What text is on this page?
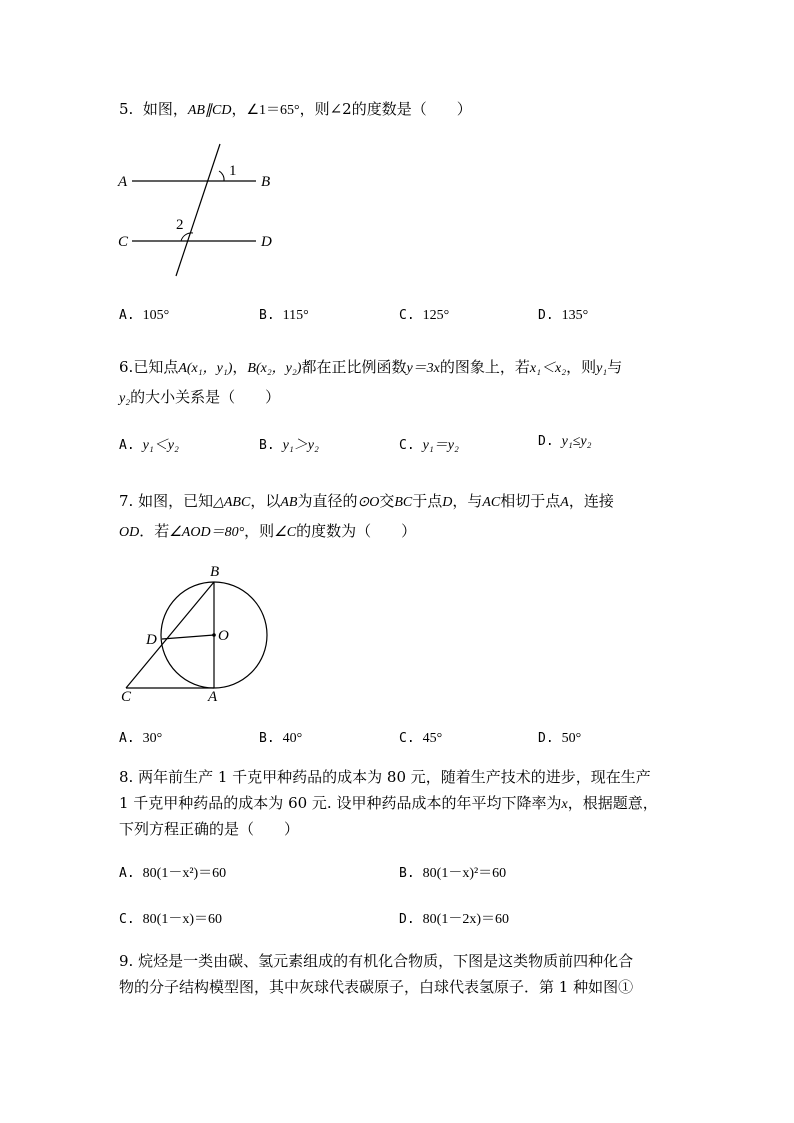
5. 如图，AB∥CD，∠1＝65°，则∠2的度数是（　　）
A	B
C	D
1
2
A. 105°	B. 115°	C. 125°	D. 135°
6.已知点A(x₁，y₁)，B(x₂，y₂)都在正比例函数y＝3x的图象上，若x₁＜x₂，则y₁与
y₂的大小关系是（　　）
A. y₁＜y₂	B. y₁＞y₂	C. y₁＝y₂	D. y₁≤y₂
7. 如图，已知△ABC，以AB为直径的⊙O交BC于点D，与AC相切于点A，连接
OD．若∠AOD＝80°，则∠C的度数为（　　）
B
O
D
C	A
A. 30°	B. 40°	C. 45°	D. 50°
8. 两年前生产 1 千克甲种药品的成本为 80 元，随着生产技术的进步，现在生产
1 千克甲种药品的成本为 60 元. 设甲种药品成本的年平均下降率为x，根据题意，
下列方程正确的是（　　）
A. 80(1－x²)＝60	B. 80(1－x)²＝60
C. 80(1－x)＝60	D. 80(1－2x)＝60
9. 烷烃是一类由碳、氢元素组成的有机化合物质，下图是这类物质前四种化合
物的分子结构模型图，其中灰球代表碳原子，白球代表氢原子．第 1 种如图①
